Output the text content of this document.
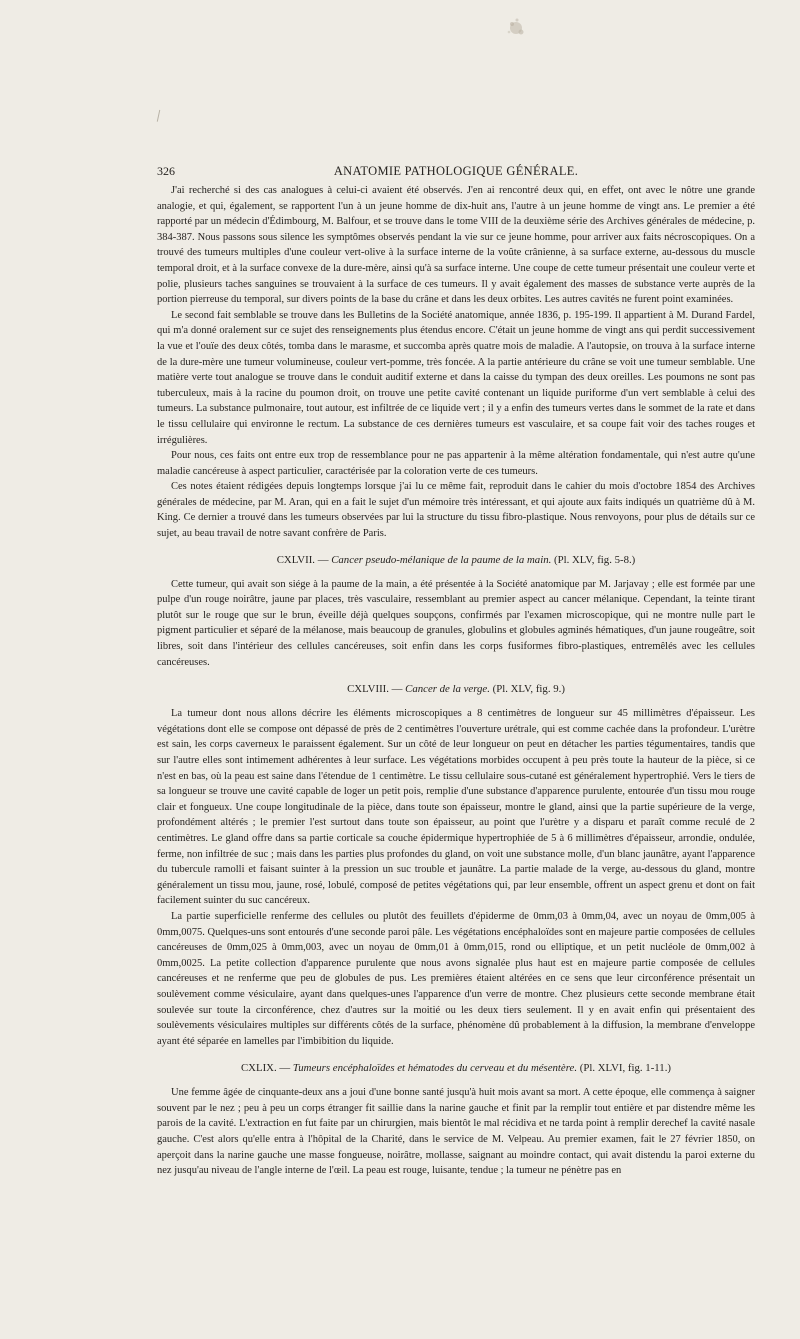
326	ANATOMIE PATHOLOGIQUE GÉNÉRALE.

J'ai recherché si des cas analogues à celui-ci avaient été observés. J'en ai rencontré deux qui, en effet, ont avec le nôtre une grande analogie, et qui, également, se rapportent l'un à un jeune homme de dix-huit ans, l'autre à un jeune homme de vingt ans. Le premier a été rapporté par un médecin d'Édimbourg, M. Balfour, et se trouve dans le tome VIII de la deuxième série des Archives générales de médecine, p. 384-387. Nous passons sous silence les symptômes observés pendant la vie sur ce jeune homme, pour arriver aux faits nécroscopiques. On a trouvé des tumeurs multiples d'une couleur vert-olive à la surface interne de la voûte crânienne, à sa surface externe, au-dessous du muscle temporal droit, et à la surface convexe de la dure-mère, ainsi qu'à sa surface interne. Une coupe de cette tumeur présentait une couleur verte et polie, plusieurs taches sanguines se trouvaient à la surface de ces tumeurs. Il y avait également des masses de substance verte auprès de la portion pierreuse du temporal, sur divers points de la base du crâne et dans les deux orbites. Les autres cavités ne furent point examinées.

Le second fait semblable se trouve dans les Bulletins de la Société anatomique, année 1836, p. 195-199. Il appartient à M. Durand Fardel, qui m'a donné oralement sur ce sujet des renseignements plus étendus encore. C'était un jeune homme de vingt ans qui perdit successivement la vue et l'ouïe des deux côtés, tomba dans le marasme, et succomba après quatre mois de maladie. A l'autopsie, on trouva à la surface interne de la dure-mère une tumeur volumineuse, couleur vert-pomme, très foncée. A la partie antérieure du crâne se voit une tumeur semblable. Une matière verte tout analogue se trouve dans le conduit auditif externe et dans la caisse du tympan des deux oreilles. Les poumons ne sont pas tuberculeux, mais à la racine du poumon droit, on trouve une petite cavité contenant un liquide puriforme d'un vert semblable à celui des tumeurs. La substance pulmonaire, tout autour, est infiltrée de ce liquide vert ; il y a enfin des tumeurs vertes dans le sommet de la rate et dans le tissu cellulaire qui environne le rectum. La substance de ces dernières tumeurs est vasculaire, et sa coupe fait voir des taches rouges et irrégulières.

Pour nous, ces faits ont entre eux trop de ressemblance pour ne pas appartenir à la même altération fondamentale, qui n'est autre qu'une maladie cancéreuse à aspect particulier, caractérisée par la coloration verte de ces tumeurs.

Ces notes étaient rédigées depuis longtemps lorsque j'ai lu ce même fait, reproduit dans le cahier du mois d'octobre 1854 des Archives générales de médecine, par M. Aran, qui en a fait le sujet d'un mémoire très intéressant, et qui ajoute aux faits indiqués un quatrième dû à M. King. Ce dernier a trouvé dans les tumeurs observées par lui la structure du tissu fibro-plastique. Nous renvoyons, pour plus de détails sur ce sujet, au beau travail de notre savant confrère de Paris.

CXLVII. — Cancer pseudo-mélanique de la paume de la main. (Pl. XLV, fig. 5-8.)

Cette tumeur, qui avait son siége à la paume de la main, a été présentée à la Société anatomique par M. Jarjavay ; elle est formée par une pulpe d'un rouge noirâtre, jaune par places, très vasculaire, ressemblant au premier aspect au cancer mélanique. Cependant, la teinte tirant plutôt sur le rouge que sur le brun, éveille déjà quelques soupçons, confirmés par l'examen microscopique, qui ne montre nulle part le pigment particulier et séparé de la mélanose, mais beaucoup de granules, globulins et globules agminés hématiques, d'un jaune rougeâtre, soit libres, soit dans l'intérieur des cellules cancéreuses, soit enfin dans les corps fusiformes fibro-plastiques, entremêlés avec les cellules cancéreuses.

CXLVIII. — Cancer de la verge. (Pl. XLV, fig. 9.)

La tumeur dont nous allons décrire les éléments microscopiques a 8 centimètres de longueur sur 45 millimètres d'épaisseur. Les végétations dont elle se compose ont dépassé de près de 2 centimètres l'ouverture urétrale, qui est comme cachée dans la profondeur. L'urètre est sain, les corps caverneux le paraissent également. Sur un côté de leur longueur on peut en détacher les parties tégumentaires, tandis que sur l'autre elles sont intimement adhérentes à leur surface. Les végétations morbides occupent à peu près toute la hauteur de la pièce, si ce n'est en bas, où la peau est saine dans l'étendue de 1 centimètre. Le tissu cellulaire sous-cutané est généralement hypertrophié. Vers le tiers de sa longueur se trouve une cavité capable de loger un petit pois, remplie d'une substance d'apparence purulente, entourée d'un tissu mou rouge clair et fongueux. Une coupe longitudinale de la pièce, dans toute son épaisseur, montre le gland, ainsi que la partie supérieure de la verge, profondément altérés ; le premier l'est surtout dans toute son épaisseur, au point que l'urètre y a disparu et paraît comme reculé de 2 centimètres. Le gland offre dans sa partie corticale sa couche épidermique hypertrophiée de 5 à 6 millimètres d'épaisseur, arrondie, ondulée, ferme, non infiltrée de suc ; mais dans les parties plus profondes du gland, on voit une substance molle, d'un blanc jaunâtre, ayant l'apparence du tubercule ramolli et faisant suinter à la pression un suc trouble et jaunâtre. La partie malade de la verge, au-dessous du gland, montre généralement un tissu mou, jaune, rosé, lobulé, composé de petites végétations qui, par leur ensemble, offrent un aspect grenu et dont on fait facilement suinter du suc cancéreux.

La partie superficielle renferme des cellules ou plutôt des feuillets d'épiderme de 0mm,03 à 0mm,04, avec un noyau de 0mm,005 à 0mm,0075. Quelques-uns sont entourés d'une seconde paroi pâle. Les végétations encéphaloïdes sont en majeure partie composées de cellules cancéreuses de 0mm,025 à 0mm,003, avec un noyau de 0mm,01 à 0mm,015, rond ou elliptique, et un petit nucléole de 0mm,002 à 0mm,0025. La petite collection d'apparence purulente que nous avons signalée plus haut est en majeure partie composée de cellules cancéreuses et ne renferme que peu de globules de pus. Les premières étaient altérées en ce sens que leur circonférence présentait un soulèvement comme vésiculaire, ayant dans quelques-unes l'apparence d'un verre de montre. Chez plusieurs cette seconde membrane était soulevée sur toute la circonférence, chez d'autres sur la moitié ou les deux tiers seulement. Il y en avait enfin qui présentaient des soulèvements vésiculaires multiples sur différents côtés de la surface, phénomène dû probablement à la diffusion, la membrane d'enveloppe ayant été séparée en lamelles par l'imbibition du liquide.

CXLIX. — Tumeurs encéphaloïdes et hématodes du cerveau et du mésentère. (Pl. XLVI, fig. 1-11.)

Une femme âgée de cinquante-deux ans a joui d'une bonne santé jusqu'à huit mois avant sa mort. A cette époque, elle commença à saigner souvent par le nez ; peu à peu un corps étranger fit saillie dans la narine gauche et finit par la remplir tout entière et par distendre même les parois de la cavité. L'extraction en fut faite par un chirurgien, mais bientôt le mal récidiva et ne tarda point à remplir derechef la cavité nasale gauche. C'est alors qu'elle entra à l'hôpital de la Charité, dans le service de M. Velpeau. Au premier examen, fait le 27 février 1850, on aperçoit dans la narine gauche une masse fongueuse, noirâtre, mollasse, saignant au moindre contact, qui avait distendu la paroi externe du nez jusqu'au niveau de l'angle interne de l'œil. La peau est rouge, luisante, tendue ; la tumeur ne pénètre pas en
